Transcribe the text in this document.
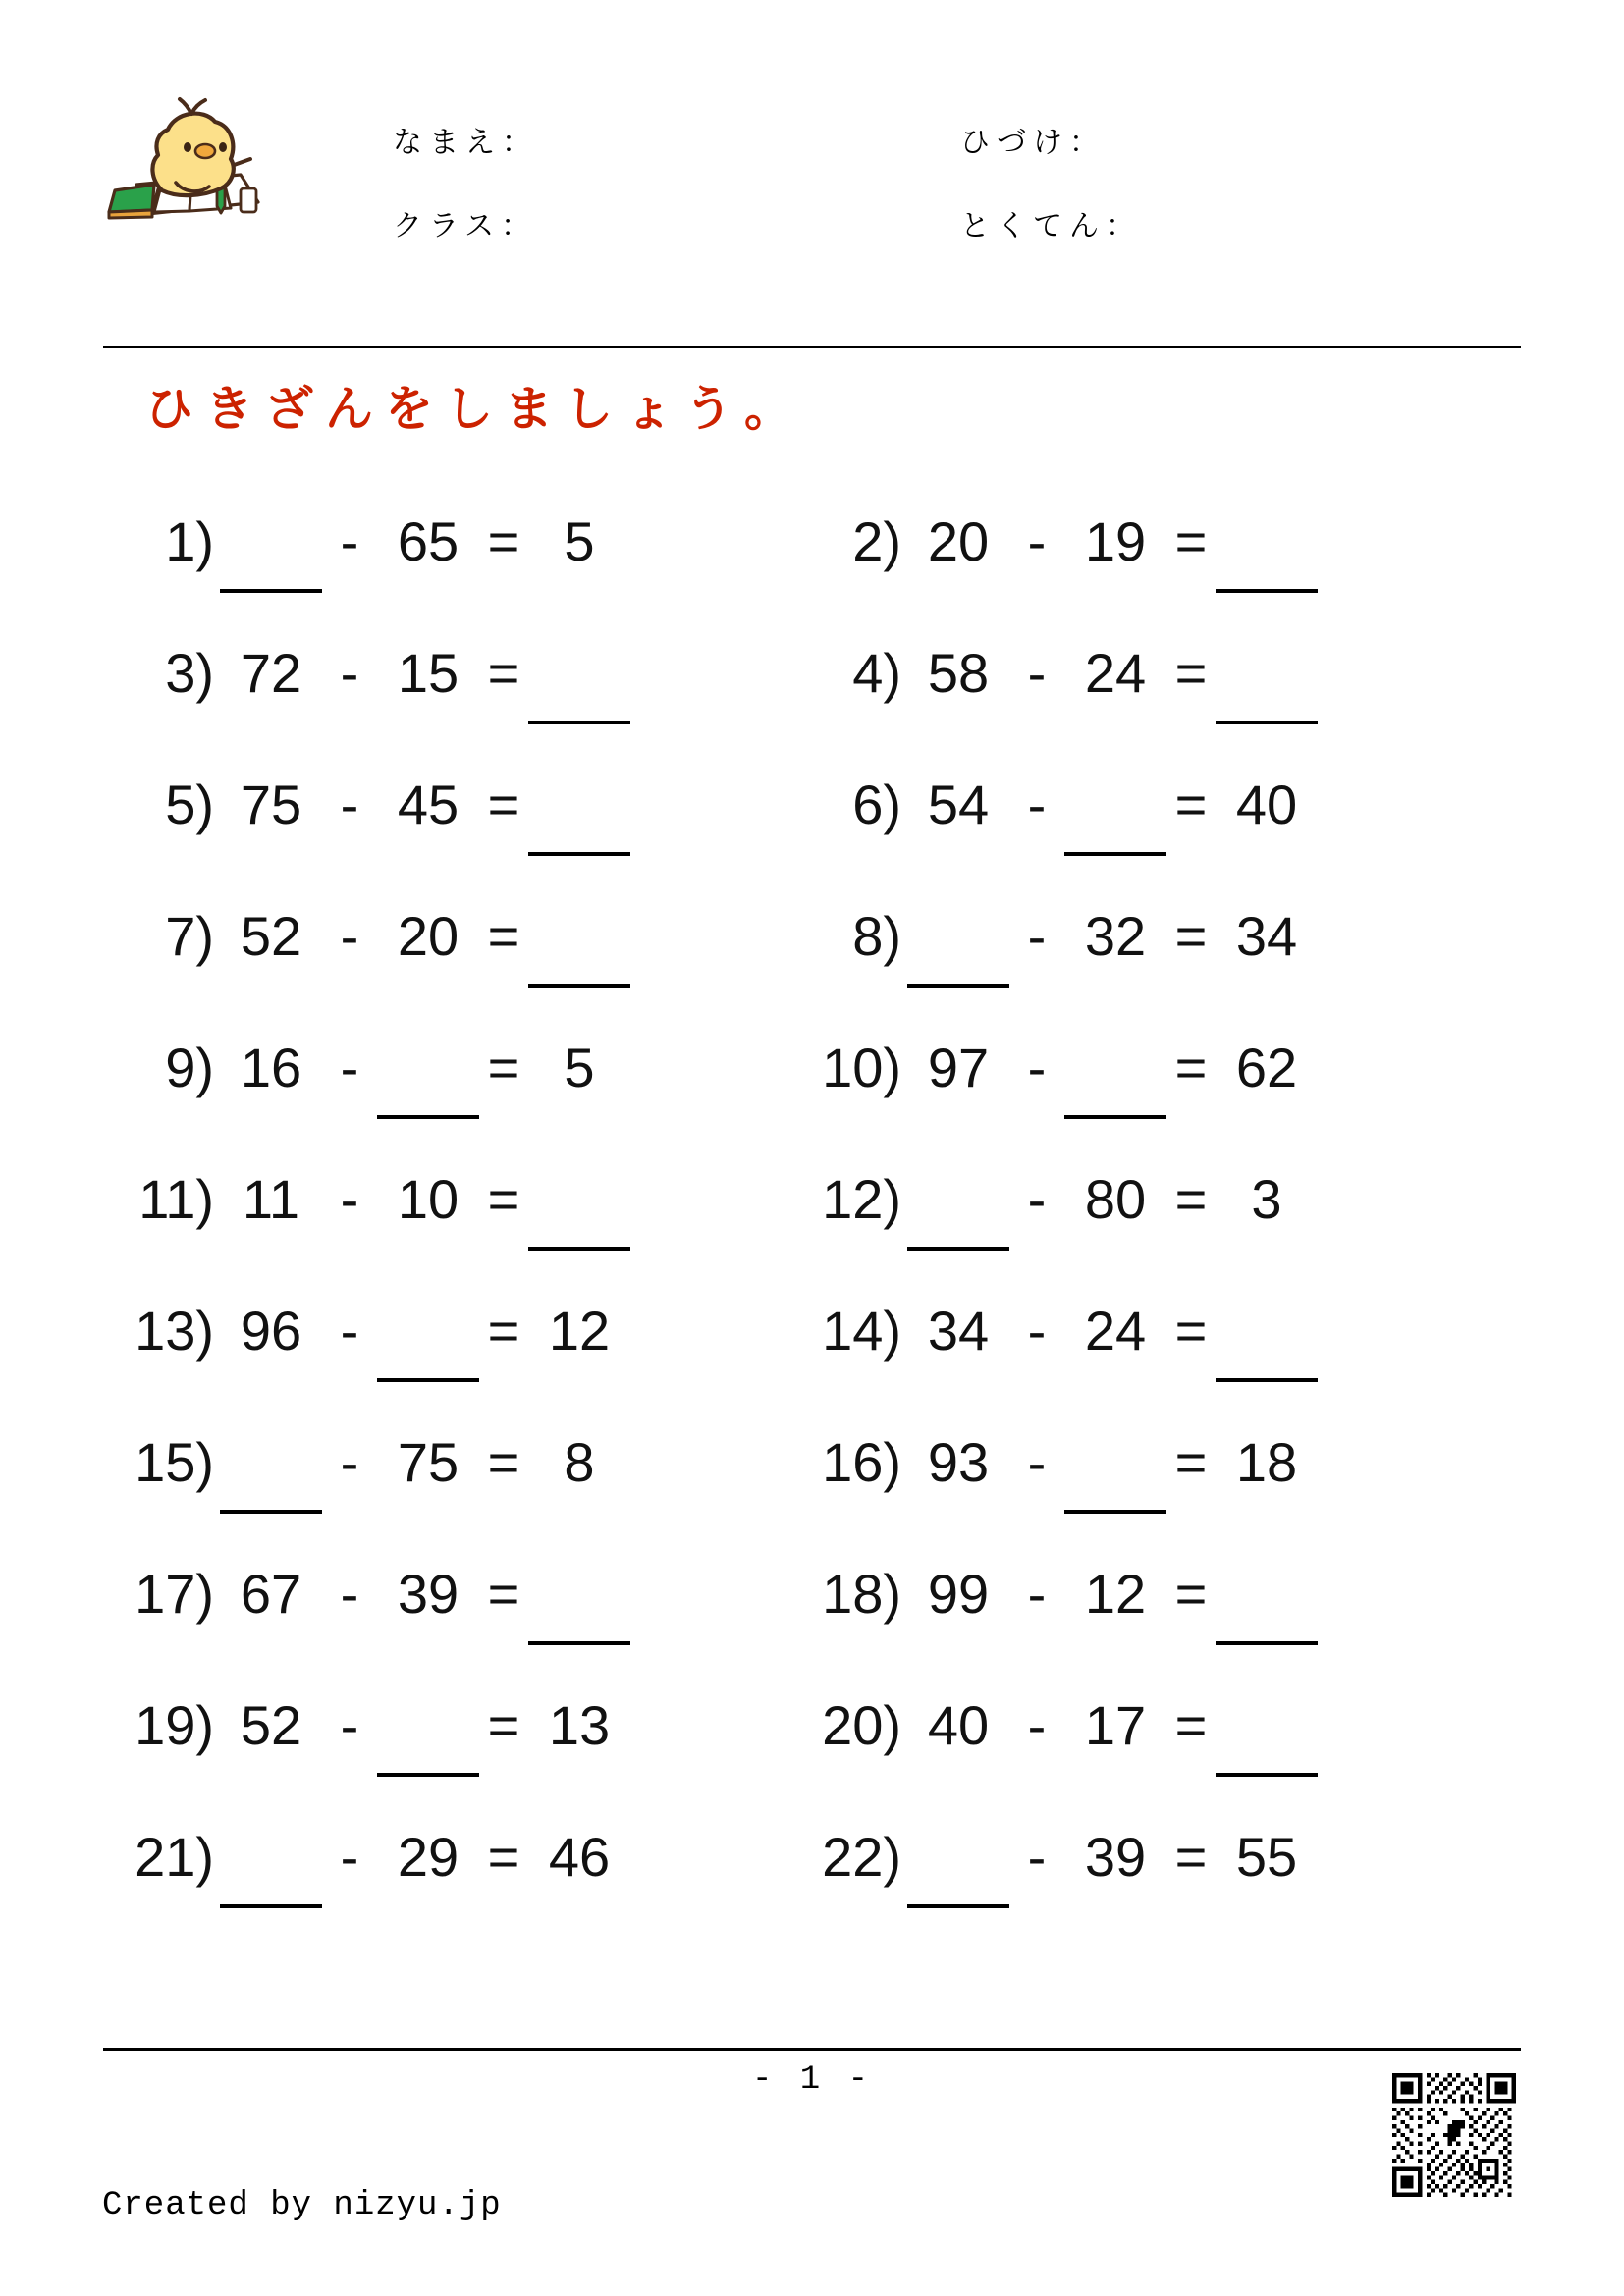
なまえ：
クラス：
ひづけ：
とくてん：
ひきざんをしましょう。
1)	- 65 = 5	2) 20 - 19 =
3) 72 - 15 =	4) 58 - 24 =
5) 75 - 45 =	6) 54 -	= 40
7) 52 - 20 =	8)	- 32 = 34
9) 16 -	= 5	10) 97 -	= 62
11) 11 - 10 =	12)	- 80 = 3
13) 96 -	= 12	14) 34 - 24 =
15)	- 75 = 8	16) 93 -	= 18
17) 67 - 39 =	18) 99 - 12 =
19) 52 -	= 13	20) 40 - 17 =
21)	- 29 = 46	22)	- 39 = 55
- 1 -
Created by nizyu.jp
